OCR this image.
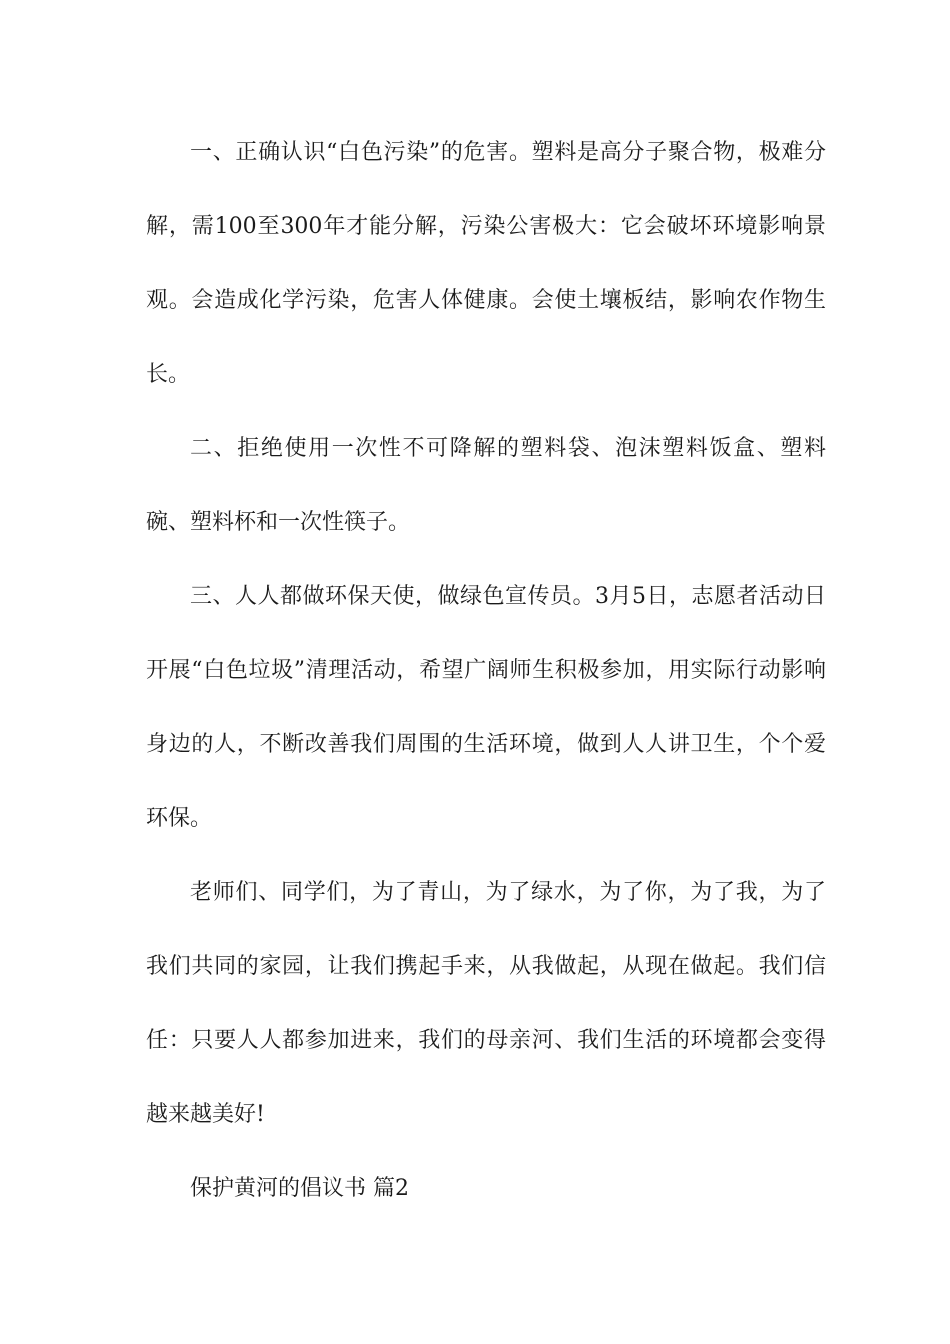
一、正确认识“白色污染”的危害。塑料是高分子聚合物，极难分解，需100至300年才能分解，污染公害极大：它会破坏环境影响景观。会造成化学污染，危害人体健康。会使土壤板结，影响农作物生长。

二、拒绝使用一次性不可降解的塑料袋、泡沫塑料饭盒、塑料碗、塑料杯和一次性筷子。

三、人人都做环保天使，做绿色宣传员。3月5日，志愿者活动日开展“白色垃圾”清理活动，希望广阔师生积极参加，用实际行动影响身边的人，不断改善我们周围的生活环境，做到人人讲卫生，个个爱环保。

老师们、同学们，为了青山，为了绿水，为了你，为了我，为了我们共同的家园，让我们携起手来，从我做起，从现在做起。我们信任：只要人人都参加进来，我们的母亲河、我们生活的环境都会变得越来越美好!

保护黄河的倡议书 篇2
